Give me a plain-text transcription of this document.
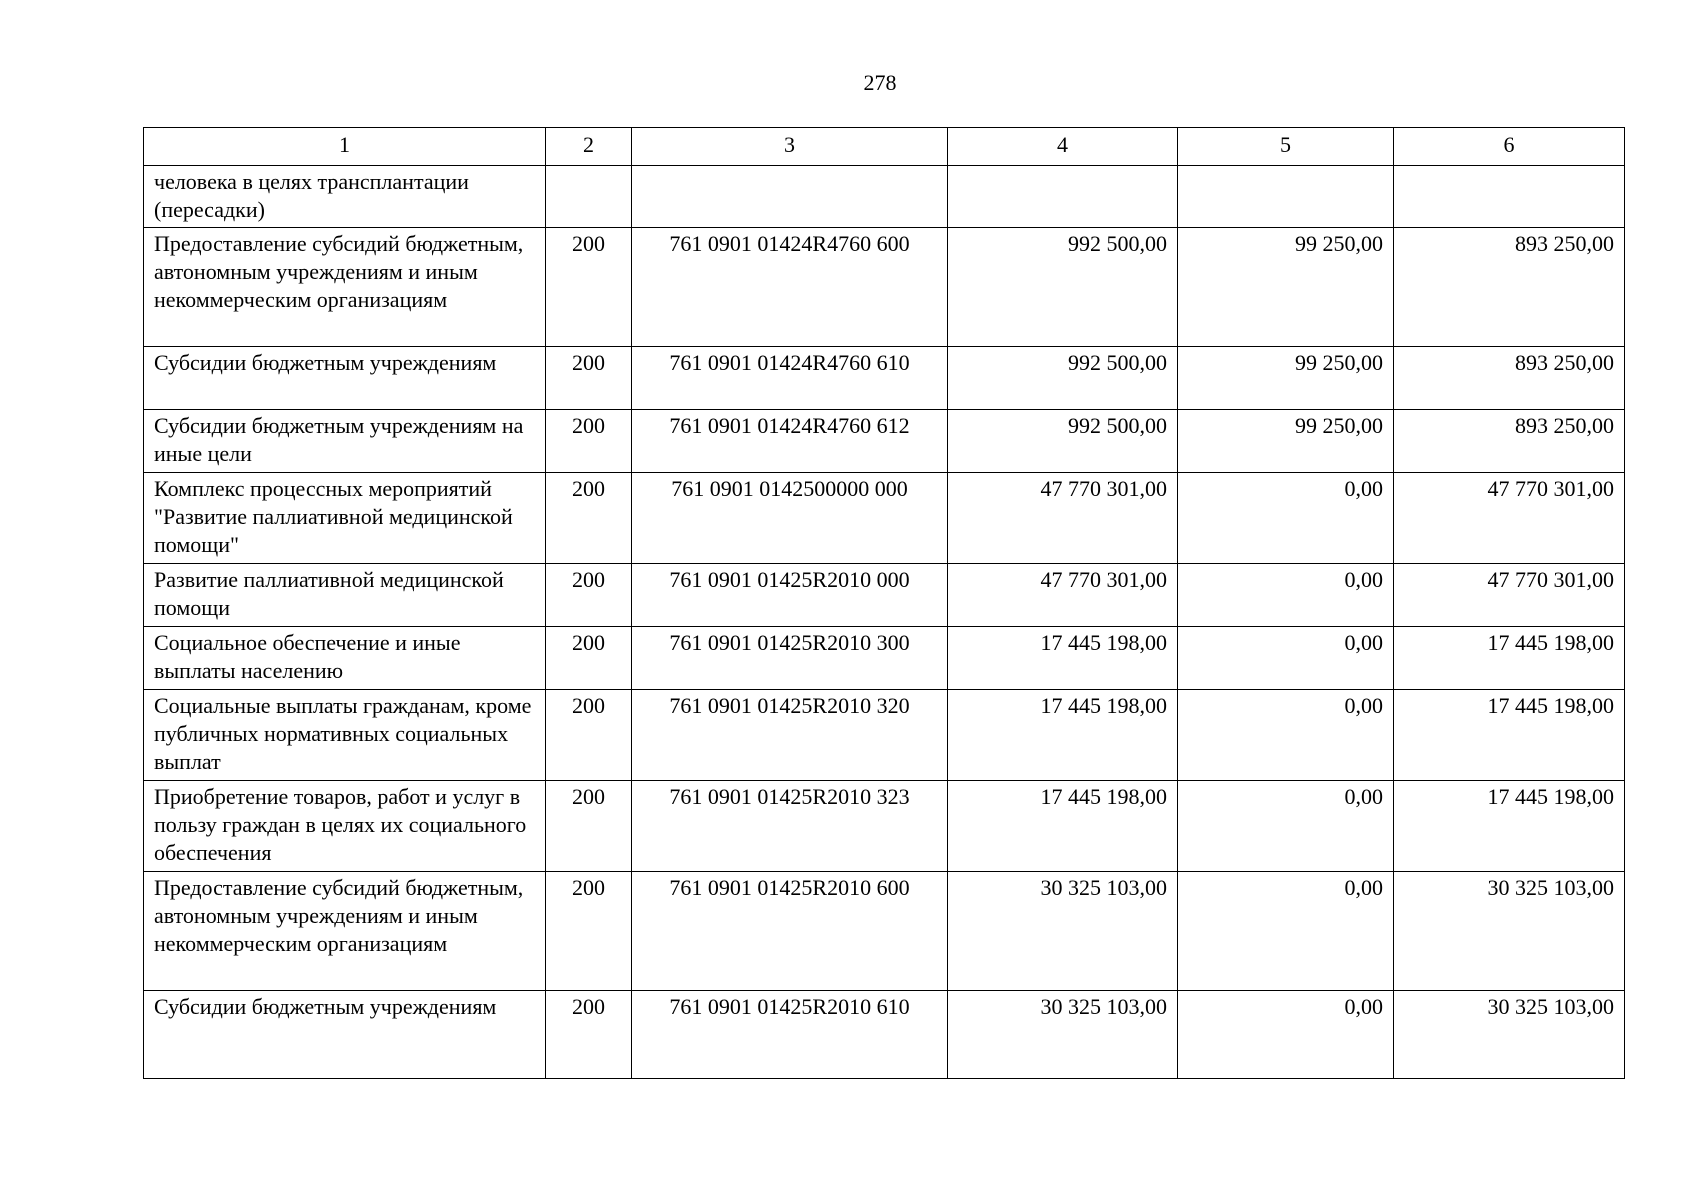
278
1	2	3	4	5	6
человека в целях трансплантации (пересадки)					
Предоставление субсидий бюджетным, автономным учреждениям и иным некоммерческим организациям	200	761 0901 01424R4760 600	992 500,00	99 250,00	893 250,00
Субсидии бюджетным учреждениям	200	761 0901 01424R4760 610	992 500,00	99 250,00	893 250,00
Субсидии бюджетным учреждениям на иные цели	200	761 0901 01424R4760 612	992 500,00	99 250,00	893 250,00
Комплекс процессных мероприятий "Развитие паллиативной медицинской помощи"	200	761 0901 0142500000 000	47 770 301,00	0,00	47 770 301,00
Развитие паллиативной медицинской помощи	200	761 0901 01425R2010 000	47 770 301,00	0,00	47 770 301,00
Социальное обеспечение и иные выплаты населению	200	761 0901 01425R2010 300	17 445 198,00	0,00	17 445 198,00
Социальные выплаты гражданам, кроме публичных нормативных социальных выплат	200	761 0901 01425R2010 320	17 445 198,00	0,00	17 445 198,00
Приобретение товаров, работ и услуг в пользу граждан в целях их социального обеспечения	200	761 0901 01425R2010 323	17 445 198,00	0,00	17 445 198,00
Предоставление субсидий бюджетным, автономным учреждениям и иным некоммерческим организациям	200	761 0901 01425R2010 600	30 325 103,00	0,00	30 325 103,00
Субсидии бюджетным учреждениям	200	761 0901 01425R2010 610	30 325 103,00	0,00	30 325 103,00
